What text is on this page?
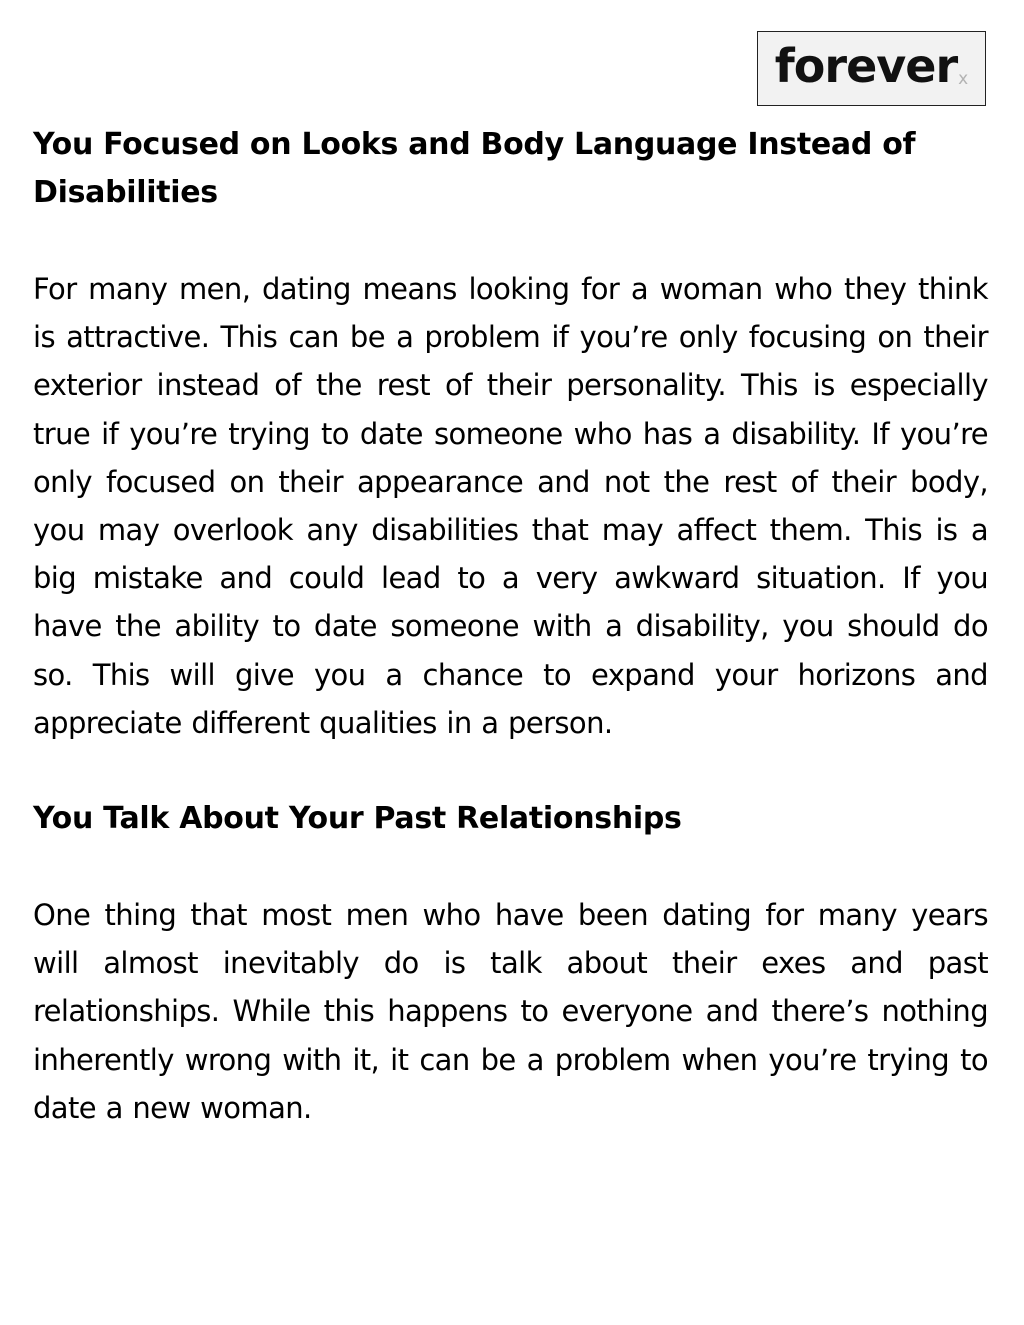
forever x
You Focused on Looks and Body Language Instead of Disabilities

For many men, dating means looking for a woman who they think is attractive. This can be a problem if you’re only focusing on their exterior instead of the rest of their personality. This is especially true if you’re trying to date someone who has a disability. If you’re only focused on their appearance and not the rest of their body, you may overlook any disabilities that may affect them. This is a big mistake and could lead to a very awkward situation. If you have the ability to date someone with a disability, you should do so. This will give you a chance to expand your horizons and appreciate different qualities in a person.

You Talk About Your Past Relationships

One thing that most men who have been dating for many years will almost inevitably do is talk about their exes and past relationships. While this happens to everyone and there’s nothing inherently wrong with it, it can be a problem when you’re trying to date a new woman.
